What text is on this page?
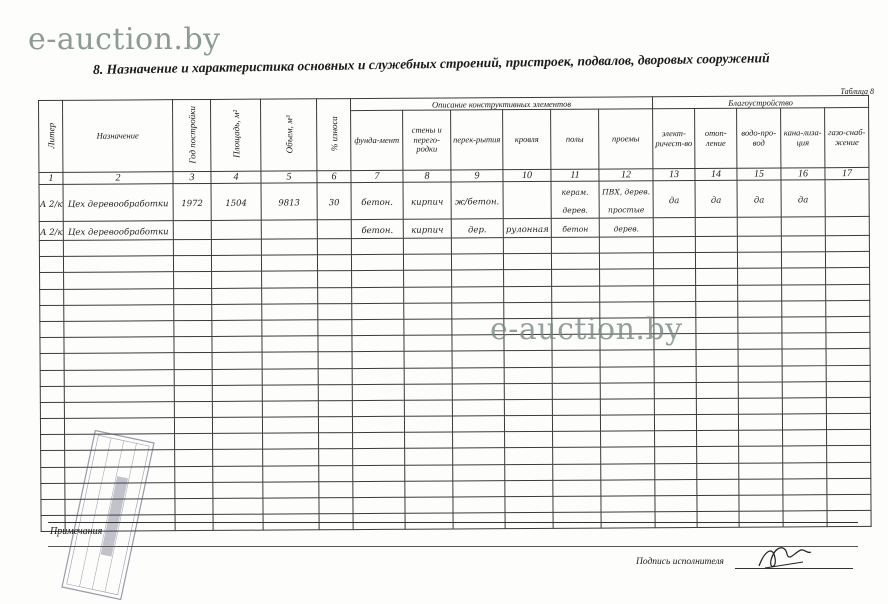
e-auction.by
8. Назначение и характеристика основных и служебных строений, пристроек, подвалов, дворовых сооружений
Таблица 8
Литер	Назначение	Год постройки	Площадь, м²	Объем, м³	% износа	Описание конструктивных элементов						Благоустройство				
						фунда-мент	стены и перего-родки	перек-рытия	кровля	полы	проемы	элект-ричест-во	отоп-ление	водо-про-вод	кана-лиза-ция	газо-снаб-жение
1	2	3	4	5	6	7	8	9	10	11	12	13	14	15	16	17
А 2/к	Цех деревообработки	1972	1504	9813	30	бетон.	кирпич	ж/бетон.		керам. дерев.	ПВХ, дерев. простые	да	да	да	да	
А 2/к	Цех деревообработки					бетон.	кирпич	дер.	рулонная	бетон	дерев.					

e-auction.by
Примечания
Подпись исполнителя
